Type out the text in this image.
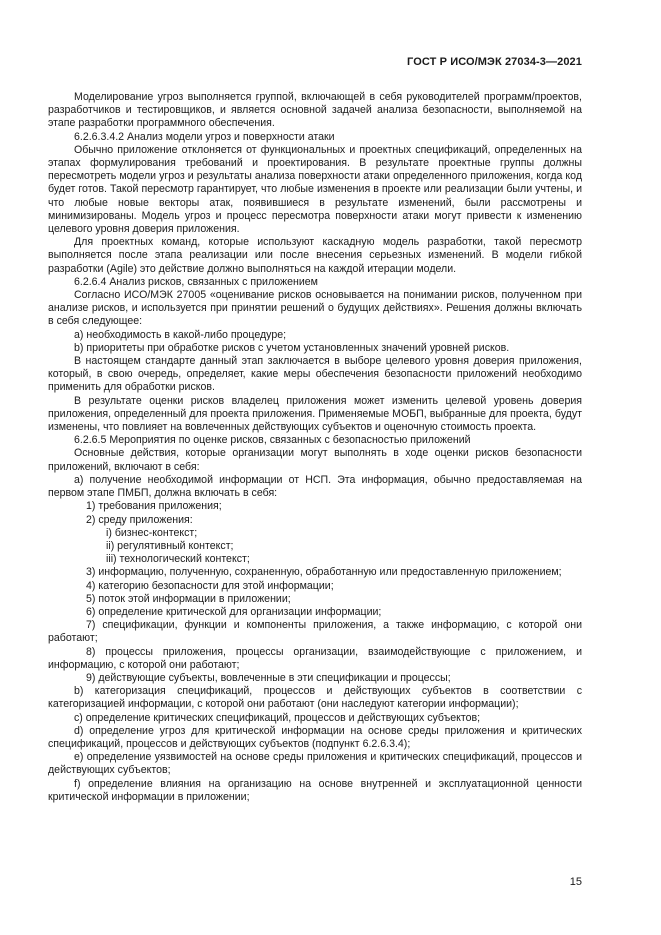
ГОСТ Р ИСО/МЭК 27034-3—2021

Моделирование угроз выполняется группой, включающей в себя руководителей программ/проектов, разработчиков и тестировщиков, и является основной задачей анализа безопасности, выполняемой на этапе разработки программного обеспечения.

6.2.6.3.4.2 Анализ модели угроз и поверхности атаки

Обычно приложение отклоняется от функциональных и проектных спецификаций, определенных на этапах формулирования требований и проектирования. В результате проектные группы должны пересмотреть модели угроз и результаты анализа поверхности атаки определенного приложения, когда код будет готов. Такой пересмотр гарантирует, что любые изменения в проекте или реализации были учтены, и что любые новые векторы атак, появившиеся в результате изменений, были рассмотрены и минимизированы. Модель угроз и процесс пересмотра поверхности атаки могут привести к изменению целевого уровня доверия приложения.

Для проектных команд, которые используют каскадную модель разработки, такой пересмотр выполняется после этапа реализации или после внесения серьезных изменений. В модели гибкой разработки (Agile) это действие должно выполняться на каждой итерации модели.

6.2.6.4 Анализ рисков, связанных с приложением

Согласно ИСО/МЭК 27005 «оценивание рисков основывается на понимании рисков, полученном при анализе рисков, и используется при принятии решений о будущих действиях». Решения должны включать в себя следующее:

a) необходимость в какой-либо процедуре;

b) приоритеты при обработке рисков с учетом установленных значений уровней рисков.

В настоящем стандарте данный этап заключается в выборе целевого уровня доверия приложения, который, в свою очередь, определяет, какие меры обеспечения безопасности приложений необходимо применить для обработки рисков.

В результате оценки рисков владелец приложения может изменить целевой уровень доверия приложения, определенный для проекта приложения. Применяемые МОБП, выбранные для проекта, будут изменены, что повлияет на вовлеченных действующих субъектов и оценочную стоимость проекта.

6.2.6.5 Мероприятия по оценке рисков, связанных с безопасностью приложений

Основные действия, которые организации могут выполнять в ходе оценки рисков безопасности приложений, включают в себя:

a) получение необходимой информации от НСП. Эта информация, обычно предоставляемая на первом этапе ПМБП, должна включать в себя:

1) требования приложения;

2) среду приложения:

i) бизнес-контекст;

ii) регулятивный контекст;

iii) технологический контекст;

3) информацию, полученную, сохраненную, обработанную или предоставленную приложением;

4) категорию безопасности для этой информации;

5) поток этой информации в приложении;

6) определение критической для организации информации;

7) спецификации, функции и компоненты приложения, а также информацию, с которой они работают;

8) процессы приложения, процессы организации, взаимодействующие с приложением, и информацию, с которой они работают;

9) действующие субъекты, вовлеченные в эти спецификации и процессы;

b) категоризация спецификаций, процессов и действующих субъектов в соответствии с категоризацией информации, с которой они работают (они наследуют категории информации);

c) определение критических спецификаций, процессов и действующих субъектов;

d) определение угроз для критической информации на основе среды приложения и критических спецификаций, процессов и действующих субъектов (подпункт 6.2.6.3.4);

e) определение уязвимостей на основе среды приложения и критических спецификаций, процессов и действующих субъектов;

f) определение влияния на организацию на основе внутренней и эксплуатационной ценности критической информации в приложении;

15
